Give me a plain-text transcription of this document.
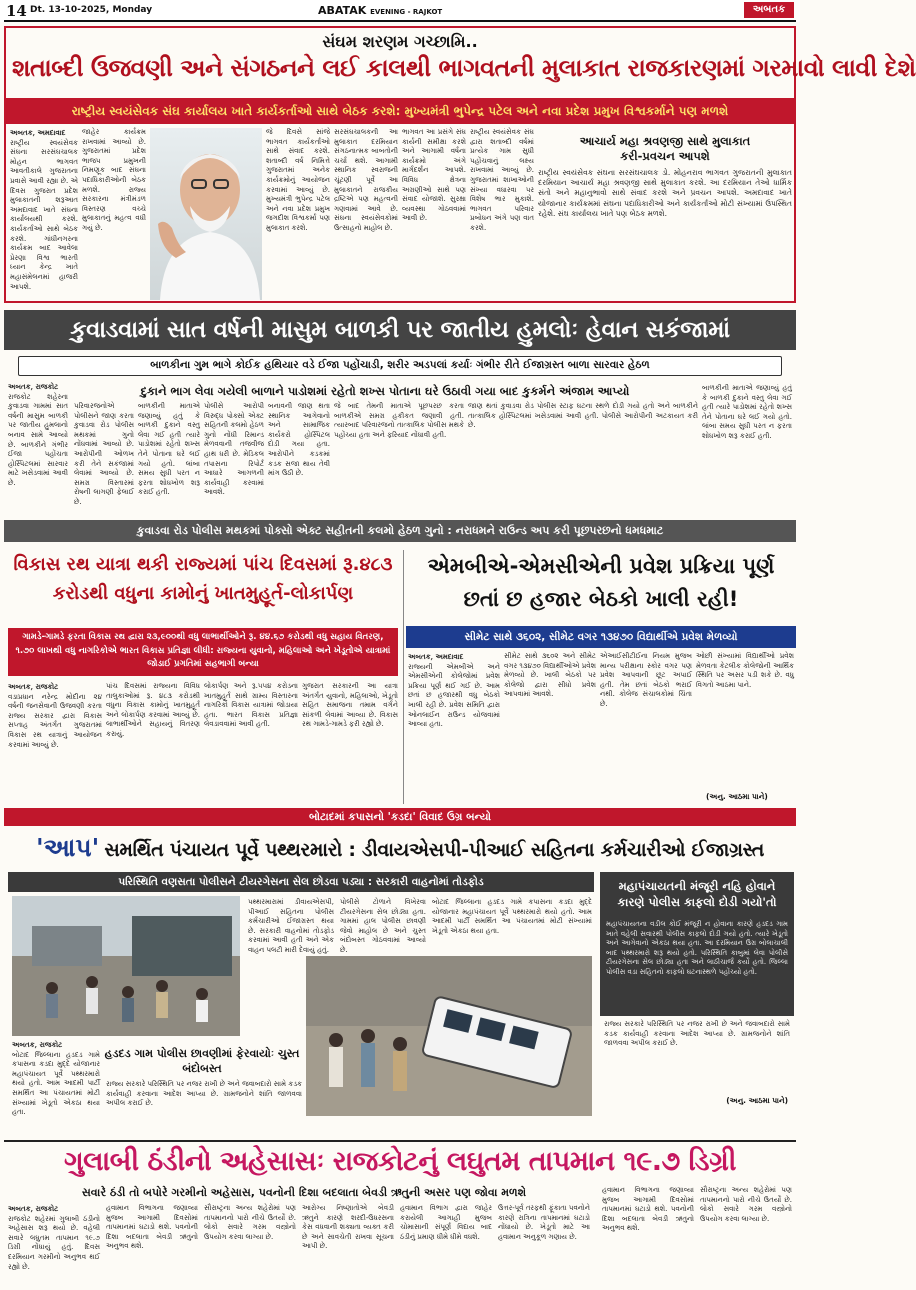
14 Dt. 13-10-2025, Monday	ABATAK EVENING - RAJKOT	અબતક
સંઘમ શરણમ ગચ્છામિ..
શતાબ્દી ઉજવણી અને સંગઠનને લઈ કાલથી ભાગવતની મુલાકાત રાજકારણમાં ગરમાવો લાવી દેશે
રાષ્ટ્રીય સ્વયંસેવક સંઘ કાર્યાલય ખાતે કાર્યકર્તાઓ સાથે બેઠક કરશે: મુખ્યમંત્રી ભુપેન્દ્ર પટેલ અને નવા પ્રદેશ પ્રમુખ વિશ્વકર્માને પણ મળશે
અબતક, અમદાવાદ
રાષ્ટ્રીય સ્વયંસેવક સંઘના સરસંઘચાલક મોહન ભાગવત આવતીકાલે ગુજરાતના પ્રવાસે આવી રહ્યા છે. એ દિવસ ગુજરાત પ્રદેશ મુલાકાતની શરૂઆત અમદાવાદ ખાતે સંઘના કાર્યાલયથી કરશે. કાર્યકર્તાઓ સાથે બેઠક કરશે. ગાંધીનગરના કાર્યક્રમ બાદ આવેલા પ્રેરણા વિશ્વ ભારતી ધ્યાન કેન્દ્ર ખાતે મહાસંમેલનમાં હાજરી આપશે.
જાહેર કાર્યક્રમ રાખવામાં આવ્યો છે. ગુજરાતમાં પ્રદેશ ભાજપ પ્રમુખની નિમણૂક બાદ સંઘના પદાધિકારીઓની બેઠક મળશે. રાજ્ય સરકારના મંત્રીમંડળ વિસ્તરણ વચ્ચે મુલાકાતનું મહત્વ વધી ગયું છે.
જે દિવસે સાંજે ભાગવત કાર્યકર્તાઓ સાથે સંવાદ કરશે. શતાબ્દી વર્ષ નિમિત્તે ગુજરાતમાં અનેક કાર્યક્રમોનું આયોજન કરવામાં આવ્યું છે. મુખ્યમંત્રી ભુપેન્દ્ર પટેલ અને નવા પ્રદેશ પ્રમુખ જગદીશ વિશ્વકર્મા પણ મુલાકાત કરશે.
સરસંઘચાલકની આ મુલાકાત દરમિયાન સંગઠનાત્મક બાબતોની ચર્ચા થશે. આગામી સ્થાનિક સ્વરાજની ચૂંટણી પૂર્વે આ મુલાકાતને રાજકીય દ્રષ્ટિએ પણ મહત્વની ગણવામાં આવે છે. સંઘના સ્વયંસેવકોમાં ઉત્સાહનો માહોલ છે.
ભાગવત આ પ્રસંગે સંઘ કાર્યની સમીક્ષા કરશે અને આગામી વર્ષના કાર્યક્રમો અંગે માર્ગદર્શન આપશે. વિવિધ ક્ષેત્રના અગ્રણીઓ સાથે પણ સંવાદ યોજાશે. સુરક્ષા વ્યવસ્થા ગોઠવવામાં આવી છે.
રાષ્ટ્રીય સ્વયંસેવક સંઘ દ્વારા શતાબ્દી વર્ષમાં પ્રત્યેક ગામ સુધી પહોંચવાનું લક્ષ્ય રાખવામાં આવ્યું છે. ગુજરાતમાં શાખાઓની સંખ્યા વધારવા પર વિશેષ ભાર મુકાશે. ભાગવત પરિવાર પ્રબોધન અંગે પણ વાત કરશે.
આચાર્ય મહા શ્રવણજી સાથે મુલાકાત કરી-પ્રવચન આપશે
રાષ્ટ્રીય સ્વયંસેવક સંઘના સરસંઘચાલક ડો. મોહનરાવ ભાગવત ગુજરાતની મુલાકાત દરમિયાન આચાર્ય મહા શ્રવણજી સાથે મુલાકાત કરશે. આ દરમિયાન તેઓ ધાર્મિક સંતો અને મહાનુભાવો સાથે સંવાદ કરશે અને પ્રવચન આપશે. અમદાવાદ ખાતે યોજાનાર કાર્યક્રમમાં સંઘના પદાધિકારીઓ અને કાર્યકર્તાઓ મોટી સંખ્યામાં ઉપસ્થિત રહેશે. સંઘ કાર્યાલય ખાતે પણ બેઠક મળશે.
કુવાડવામાં સાત વર્ષની માસુમ બાળકી પર જાતીય હુમલોઃ હેવાન સકંજામાં
બાળકીના ગુમ ભાગે કોઈક હથિયાર વડે ઈજા પહોંચાડી, શરીર અડપલાં કર્યાઃ ગંભીર રીતે ઈજાગ્રસ્ત બાળા સારવાર હેઠળ
અબતક, રાજકોટ
રાજકોટ શહેરના કુવાડવા ગામમાં સાત વર્ષની માસુમ બાળકી પર જાતીય હુમલાનો બનાવ સામે આવ્યો છે. બાળકીને ગંભીર ઈજા પહોંચતા હોસ્પિટલમાં સારવાર માટે ખસેડવામાં આવી છે.
દુકાને ભાગ લેવા ગયેલી બાળાને પાડોશમાં રહેતો શખ્સ પોતાના ઘરે ઉઠાવી ગયા બાદ કુકર્મને અંજામ આપ્યો
પરિવારજનોએ પોલીસને જાણ કરતા કુવાડવા રોડ પોલીસ મથકમાં ગુનો નોંધવામાં આવ્યો છે. આરોપીની ઓળખ કરી તેને સકંજામાં લેવામાં આવ્યો છે. સમગ્ર વિસ્તારમાં રોષની લાગણી ફેલાઈ છે.
બાળકીની માતાએ જણાવ્યું હતું કે બાળકી દુકાને વસ્તુ લેવા ગઈ હતી ત્યારે પાડોશમાં રહેતો શખ્સ તેને પોતાના ઘરે લઈ ગયો હતો. લાંબા સમય સુધી પરત ન ફરતા શોધખોળ શરૂ કરાઈ હતી.
પોલીસે આરોપી વિરુદ્ધ પોક્સો એક્ટ સહિતની કલમો હેઠળ ગુનો નોંધી રિમાન્ડ મેળવવાની તજવીજ હાથ ધરી છે. મેડિકલ તપાસના રિપોર્ટ આધારે આગળની કાર્યવાહી કરવામાં આવશે.
બનાવની જાણ થતા સ્થાનિક આગેવાનો અને સામાજિક કાર્યકરો હોસ્પિટલ દોડી ગયા હતા. આરોપીને કડકમાં કડક સજા થાય તેવી માંગ ઉઠી છે.
જે બાદ તેમની માતાએ પૂછપરછ કરતા બાળકીએ સમગ્ર હકીકત જણાવી હતી. ત્યારબાદ પરિવારજનો તાત્કાલિક પોલીસ મથકે પહોંચ્યા હતા અને ફરિયાદ નોંધાવી હતી.
જાણ થતાં કુવાડવા રોડ પોલીસ સ્ટાફ ઘટના સ્થળે દોડી ગયો હતો અને બાળકીને તાત્કાલિક હોસ્પિટલમાં ખસેડવામાં આવી હતી. પોલીસે આરોપીની અટકાયત કરી છે.
બાળકીની માતાએ જણાવ્યું હતું કે બાળકી દુકાને વસ્તુ લેવા ગઈ હતી ત્યારે પાડોશમાં રહેતો શખ્સ તેને પોતાના ઘરે લઈ ગયો હતો. લાંબા સમય સુધી પરત ન ફરતા શોધખોળ શરૂ કરાઈ હતી.
કુવાડવા રોડ પોલીસ મથકમાં પોક્સો એક્ટ સહીતની કલમો હેઠળ ગુનો : નરાધમને રાઉન્ડ અપ કરી પૂછપરછનો ધમધમાટ
વિકાસ રથ યાત્રા થકી રાજ્યમાં પાંચ દિવસમાં રૂ.૪૮૩ કરોડથી વધુના કામોનું ખાતમુહૂર્ત-લોકાર્પણ
ગામડે-ગામડે ફરતા વિકાસ રથ દ્વારા ૨૩,૯૦૦થી વધુ લાભાર્થીઓને રૂ. ૪૪.૬૭ કરોડથી વધુ સહાય વિતરણ, ૧.૭૦ લાખથી વધુ નાગરિકોએ ભારત વિકાસ પ્રતિજ્ઞા લીધી: રાજ્યના યુવાનો, મહિલાઓ અને ખેડૂતોએ યાત્રામાં જોડાઈ પ્રગતિમાં સહભાગી બન્યા
અબતક, રાજકોટ
વડાપ્રધાન નરેન્દ્ર મોદીના ૨૪ વર્ષની જનસેવાની ઉજવણી કરતા રાજ્ય સરકાર દ્વારા વિકાસ સપ્તાહ અંતર્ગત ગુજરાતમાં વિકાસ રથ યાત્રાનું આયોજન કરવામાં આવ્યું છે.
પાંચ દિવસમાં રાજ્યના વિવિધ તાલુકાઓમાં રૂ. ૪૮૩ કરોડથી વધુના વિકાસ કામોનું ખાતમુહૂર્ત અને લોકાર્પણ કરવામાં આવ્યું છે. લાભાર્થીઓને સહાયનું વિતરણ કરાયું.
લોકાર્પણ અને રૂ.૫૫૪ કરોડના ખાતમુહૂર્ત સાથે ગ્રામ્ય વિસ્તારના નાગરિકો વિકાસ યાત્રામાં જોડાયા હતા. ભારત વિકાસ પ્રતિજ્ઞા લેવડાવવામાં આવી હતી.
ગુજરાત સરકારની આ યાત્રા અંતર્ગત યુવાનો, મહિલાઓ, ખેડૂતો સહિત સમાજના તમામ વર્ગને સાંકળી લેવામાં આવ્યા છે. વિકાસ રથ ગામડે-ગામડે ફરી રહ્યો છે.
એમબીએ-એમસીએની પ્રવેશ પ્રક્રિયા પૂર્ણ છતાં છ હજાર બેઠકો ખાલી રહી!
સીમેટ સાથે ૩૬૦૨, સીમેટ વગર ૧૩૪૭૦ વિદ્યાર્થીએ પ્રવેશ મેળવ્યો
અબતક, અમદાવાદ
રાજ્યની એમબીએ અને એમસીએની કોલેજોમાં પ્રવેશ પ્રક્રિયા પૂર્ણ થઈ ગઈ છે. આમ છતાં છ હજારથી વધુ બેઠકો ખાલી રહી છે. પ્રવેશ સમિતિ દ્વારા ઓનલાઈન રાઉન્ડ યોજવામાં આવ્યા હતા.
સીમેટ સાથે ૩૬૦૨ અને સીમેટ વગર ૧૩૪૭૦ વિદ્યાર્થીઓએ પ્રવેશ મેળવ્યો છે. ખાલી બેઠકો પર કોલેજો દ્વારા સીધો પ્રવેશ આપવામાં આવશે.
એઆઈસીટીઈના નિયમ મુજબ માન્ય પરીક્ષાના સ્કોર વગર પણ પ્રવેશ આપવાની છૂટ અપાઈ હતી. તેમ છતાં બેઠકો ભરાઈ નથી. કોલેજ સંચાલકોમાં ચિંતા છે.
ઓછી સંખ્યામાં વિદ્યાર્થીઓ પ્રવેશ મેળવતા કેટલીક કોલેજોની આર્થિક સ્થિતિ પર અસર પડી શકે છે. વધુ વિગતો આઠમા પાને.
(અનુ. આઠમા પાને)
બોટાદમાં કપાસનો 'કડદા' વિવાદ ઉગ્ર બન્યો
'આપ' સમર્થિત પંચાયત પૂર્વે પથ્થરમારો : ડીવાયએસપી-પીઆઈ સહિતના કર્મચારીઓ ઈજાગ્રસ્ત
પરિસ્થિતિ વણસતા પોલીસને ટીયરગેસના સેલ છોડવા પડ્યા : સરકારી વાહનોમાં તોડફોડ
હડદડ ગામ પોલીસ છાવણીમાં ફેરવાયોઃ ચુસ્ત બંદોબસ્ત
અબતક, રાજકોટ
બોટાદ જિલ્લાના હડદડ ગામે કપાસના કડદા મુદ્દે યોજાનાર મહાપંચાયત પૂર્વે પથ્થરમારો થયો હતો. આમ આદમી પાર્ટી સમર્થિત આ પંચાયતમાં મોટી સંખ્યામાં ખેડૂતો એકઠા થયા હતા.
રાજ્ય સરકારે પરિસ્થિતિ પર નજર રાખી છે અને જવાબદારો સામે કડક કાર્યવાહી કરવાના આદેશ આપ્યા છે. ગ્રામજનોને શાંતિ જાળવવા અપીલ કરાઈ છે.
પથ્થરમારામાં ડીવાયએસપી, પીઆઈ સહિતના પોલીસ કર્મચારીઓ ઈજાગ્રસ્ત થયા છે. સરકારી વાહનોમાં તોડફોડ કરવામાં આવી હતી અને એક વાહન પલટી મારી દેવાયું હતું.
પોલીસે ટોળાને વિખેરવા ટીયરગેસના સેલ છોડ્યા હતા. ગામમાં હાલ પોલીસ છાવણી જેવો માહોલ છે અને ચુસ્ત બંદોબસ્ત ગોઠવવામાં આવ્યો છે.
બોટાદ જિલ્લાના હડદડ ગામે કપાસના કડદા મુદ્દે યોજાનાર મહાપંચાયત પૂર્વે પથ્થરમારો થયો હતો. આમ આદમી પાર્ટી સમર્થિત આ પંચાયતમાં મોટી સંખ્યામાં ખેડૂતો એકઠા થયા હતા.
મહાપંચાયતની મંજૂરી નહિ હોવાને કારણે પોલીસ કાફલો દોડી ગયો'તો
મહાપંચાયતના વડીલ કોઈ મંજૂરી ન હોવાના કારણે હડદડ ગામ ખાતે વહેલી સવારથી પોલીસ કાફલો દોડી ગયો હતો. ત્યારે ખેડૂતો અને આગેવાનો એકઠા થયા હતા. આ દરમિયાન ઉગ્ર બોલાચાલી બાદ પથ્થરમારો શરૂ થયો હતો. પરિસ્થિતિ કાબુમાં લેવા પોલીસે ટીયરગેસના સેલ છોડ્યા હતા અને લાઠીચાર્જ કર્યો હતો. જિલ્લા પોલીસ વડા સહિતનો કાફલો ઘટનાસ્થળે પહોંચ્યો હતો.
રાજ્ય સરકારે પરિસ્થિતિ પર નજર રાખી છે અને જવાબદારો સામે કડક કાર્યવાહી કરવાના આદેશ આપ્યા છે. ગ્રામજનોને શાંતિ જાળવવા અપીલ કરાઈ છે.
(અનુ. આઠમા પાને)
ગુલાબી ઠંડીનો અહેસાસઃ રાજકોટનું લઘુતમ તાપમાન ૧૯.૭ ડિગ્રી
સવારે ઠંડી તો બપોરે ગરમીનો અહેસાસ, પવનોની દિશા બદલાતા બેવડી ઋતુની અસર પણ જોવા મળશે
અબતક, રાજકોટ
રાજકોટ શહેરમાં ગુલાબી ઠંડીનો અહેસાસ શરૂ થયો છે. વહેલી સવારે લઘુતમ તાપમાન ૧૯.૭ ડિગ્રી નોંધાયું હતું. દિવસ દરમિયાન ગરમીનો અનુભવ થઈ રહ્યો છે.
હવામાન વિભાગના જણાવ્યા મુજબ આગામી દિવસોમાં તાપમાનમાં ઘટાડો થશે. પવનોની દિશા બદલાતા બેવડી ઋતુનો અનુભવ થશે.
સૌરાષ્ટ્રના અન્ય શહેરોમાં પણ તાપમાનનો પારો નીચે ઉતર્યો છે. લોકો સવારે ગરમ વસ્ત્રોનો ઉપયોગ કરવા લાગ્યા છે.
આરોગ્ય નિષ્ણાતોએ બેવડી ઋતુને કારણે શરદી-ઉધરસના કેસ વધવાની શક્યતા વ્યક્ત કરી છે અને સાવચેતી રાખવા સૂચના આપી છે.
હવામાન વિભાગ દ્વારા જાહેર કરાયેલી આગાહી મુજબ ચોમાસાની સંપૂર્ણ વિદાય બાદ ઠંડીનું પ્રમાણ ધીમે ધીમે વધશે.
ઉત્તર-પૂર્વ તરફથી ફૂંકાતા પવનોને કારણે રાત્રિના તાપમાનમાં ઘટાડો નોંધાયો છે. ખેડૂતો માટે આ હવામાન અનુકૂળ ગણાય છે.
હવામાન વિભાગના જણાવ્યા મુજબ આગામી દિવસોમાં તાપમાનમાં ઘટાડો થશે. પવનોની દિશા બદલાતા બેવડી ઋતુનો અનુભવ થશે.
સૌરાષ્ટ્રના અન્ય શહેરોમાં પણ તાપમાનનો પારો નીચે ઉતર્યો છે. લોકો સવારે ગરમ વસ્ત્રોનો ઉપયોગ કરવા લાગ્યા છે.
